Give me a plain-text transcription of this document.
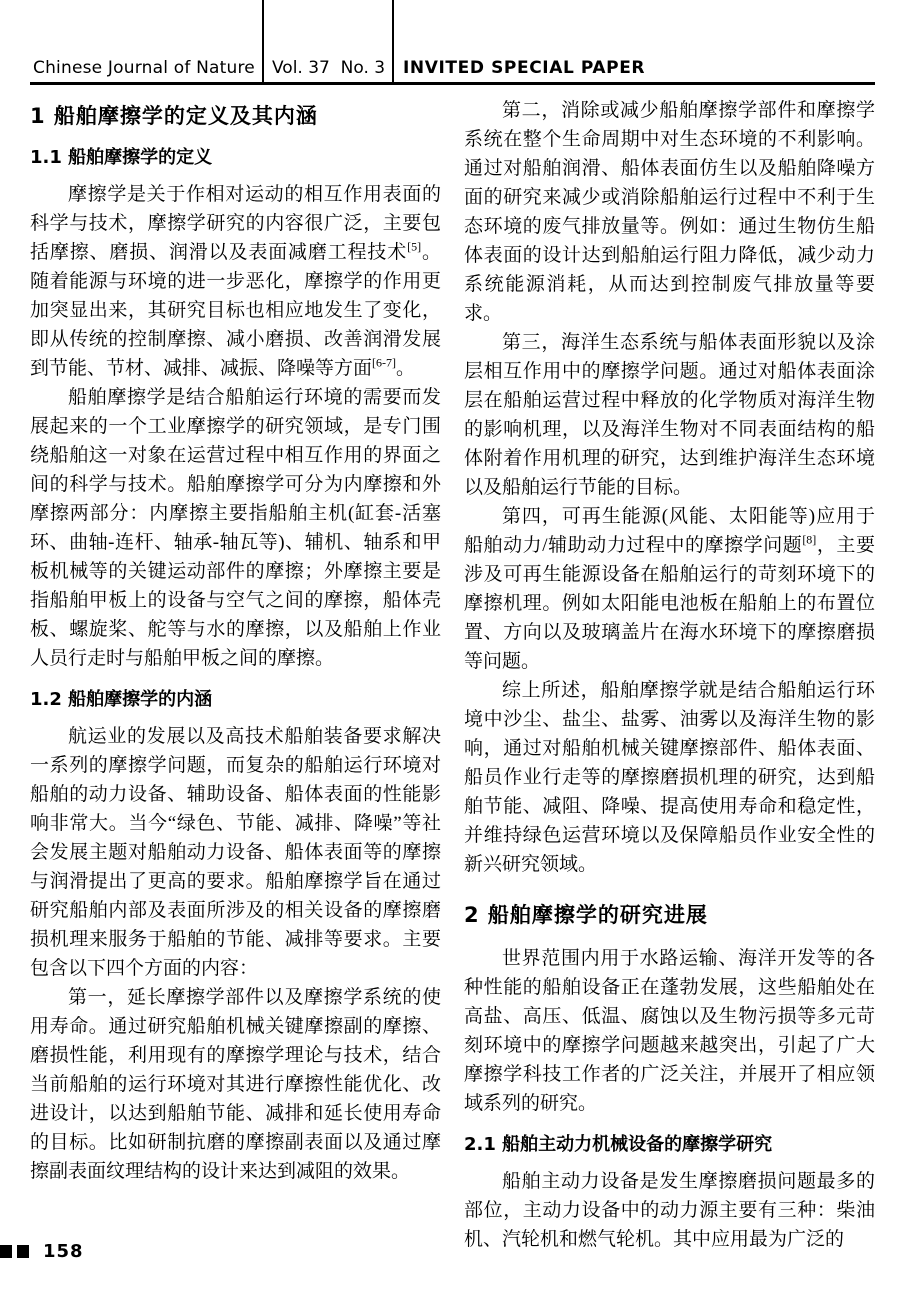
Chinese Journal of Nature Vol. 37  No. 3 INVITED SPECIAL PAPER
1 船舶摩擦学的定义及其内涵
1.1 船舶摩擦学的定义

摩擦学是关于作相对运动的相互作用表面的科学与技术，摩擦学研究的内容很广泛，主要包括摩擦、磨损、润滑以及表面减磨工程技术[5]。随着能源与环境的进一步恶化，摩擦学的作用更加突显出来，其研究目标也相应地发生了变化，即从传统的控制摩擦、减小磨损、改善润滑发展到节能、节材、减排、减振、降噪等方面[6-7]。

船舶摩擦学是结合船舶运行环境的需要而发展起来的一个工业摩擦学的研究领域，是专门围绕船舶这一对象在运营过程中相互作用的界面之间的科学与技术。船舶摩擦学可分为内摩擦和外摩擦两部分：内摩擦主要指船舶主机(缸套-活塞环、曲轴-连杆、轴承-轴瓦等)、辅机、轴系和甲板机械等的关键运动部件的摩擦；外摩擦主要是指船舶甲板上的设备与空气之间的摩擦，船体壳板、螺旋桨、舵等与水的摩擦，以及船舶上作业人员行走时与船舶甲板之间的摩擦。

1.2 船舶摩擦学的内涵

航运业的发展以及高技术船舶装备要求解决一系列的摩擦学问题，而复杂的船舶运行环境对船舶的动力设备、辅助设备、船体表面的性能影响非常大。当今“绿色、节能、减排、降噪”等社会发展主题对船舶动力设备、船体表面等的摩擦与润滑提出了更高的要求。船舶摩擦学旨在通过研究船舶内部及表面所涉及的相关设备的摩擦磨损机理来服务于船舶的节能、减排等要求。主要包含以下四个方面的内容：

第一，延长摩擦学部件以及摩擦学系统的使用寿命。通过研究船舶机械关键摩擦副的摩擦、磨损性能，利用现有的摩擦学理论与技术，结合当前船舶的运行环境对其进行摩擦性能优化、改进设计，以达到船舶节能、减排和延长使用寿命的目标。比如研制抗磨的摩擦副表面以及通过摩擦副表面纹理结构的设计来达到减阻的效果。

第二，消除或减少船舶摩擦学部件和摩擦学系统在整个生命周期中对生态环境的不利影响。通过对船舶润滑、船体表面仿生以及船舶降噪方面的研究来减少或消除船舶运行过程中不利于生态环境的废气排放量等。例如：通过生物仿生船体表面的设计达到船舶运行阻力降低，减少动力系统能源消耗，从而达到控制废气排放量等要求。

第三，海洋生态系统与船体表面形貌以及涂层相互作用中的摩擦学问题。通过对船体表面涂层在船舶运营过程中释放的化学物质对海洋生物的影响机理，以及海洋生物对不同表面结构的船体附着作用机理的研究，达到维护海洋生态环境以及船舶运行节能的目标。

第四，可再生能源(风能、太阳能等)应用于船舶动力/辅助动力过程中的摩擦学问题[8]，主要涉及可再生能源设备在船舶运行的苛刻环境下的摩擦机理。例如太阳能电池板在船舶上的布置位置、方向以及玻璃盖片在海水环境下的摩擦磨损等问题。

综上所述，船舶摩擦学就是结合船舶运行环境中沙尘、盐尘、盐雾、油雾以及海洋生物的影响，通过对船舶机械关键摩擦部件、船体表面、船员作业行走等的摩擦磨损机理的研究，达到船舶节能、减阻、降噪、提高使用寿命和稳定性，并维持绿色运营环境以及保障船员作业安全性的新兴研究领域。

2 船舶摩擦学的研究进展

世界范围内用于水路运输、海洋开发等的各种性能的船舶设备正在蓬勃发展，这些船舶处在高盐、高压、低温、腐蚀以及生物污损等多元苛刻环境中的摩擦学问题越来越突出，引起了广大摩擦学科技工作者的广泛关注，并展开了相应领域系列的研究。

2.1 船舶主动力机械设备的摩擦学研究

船舶主动力设备是发生摩擦磨损问题最多的部位，主动力设备中的动力源主要有三种：柴油机、汽轮机和燃气轮机。其中应用最为广泛的

158
